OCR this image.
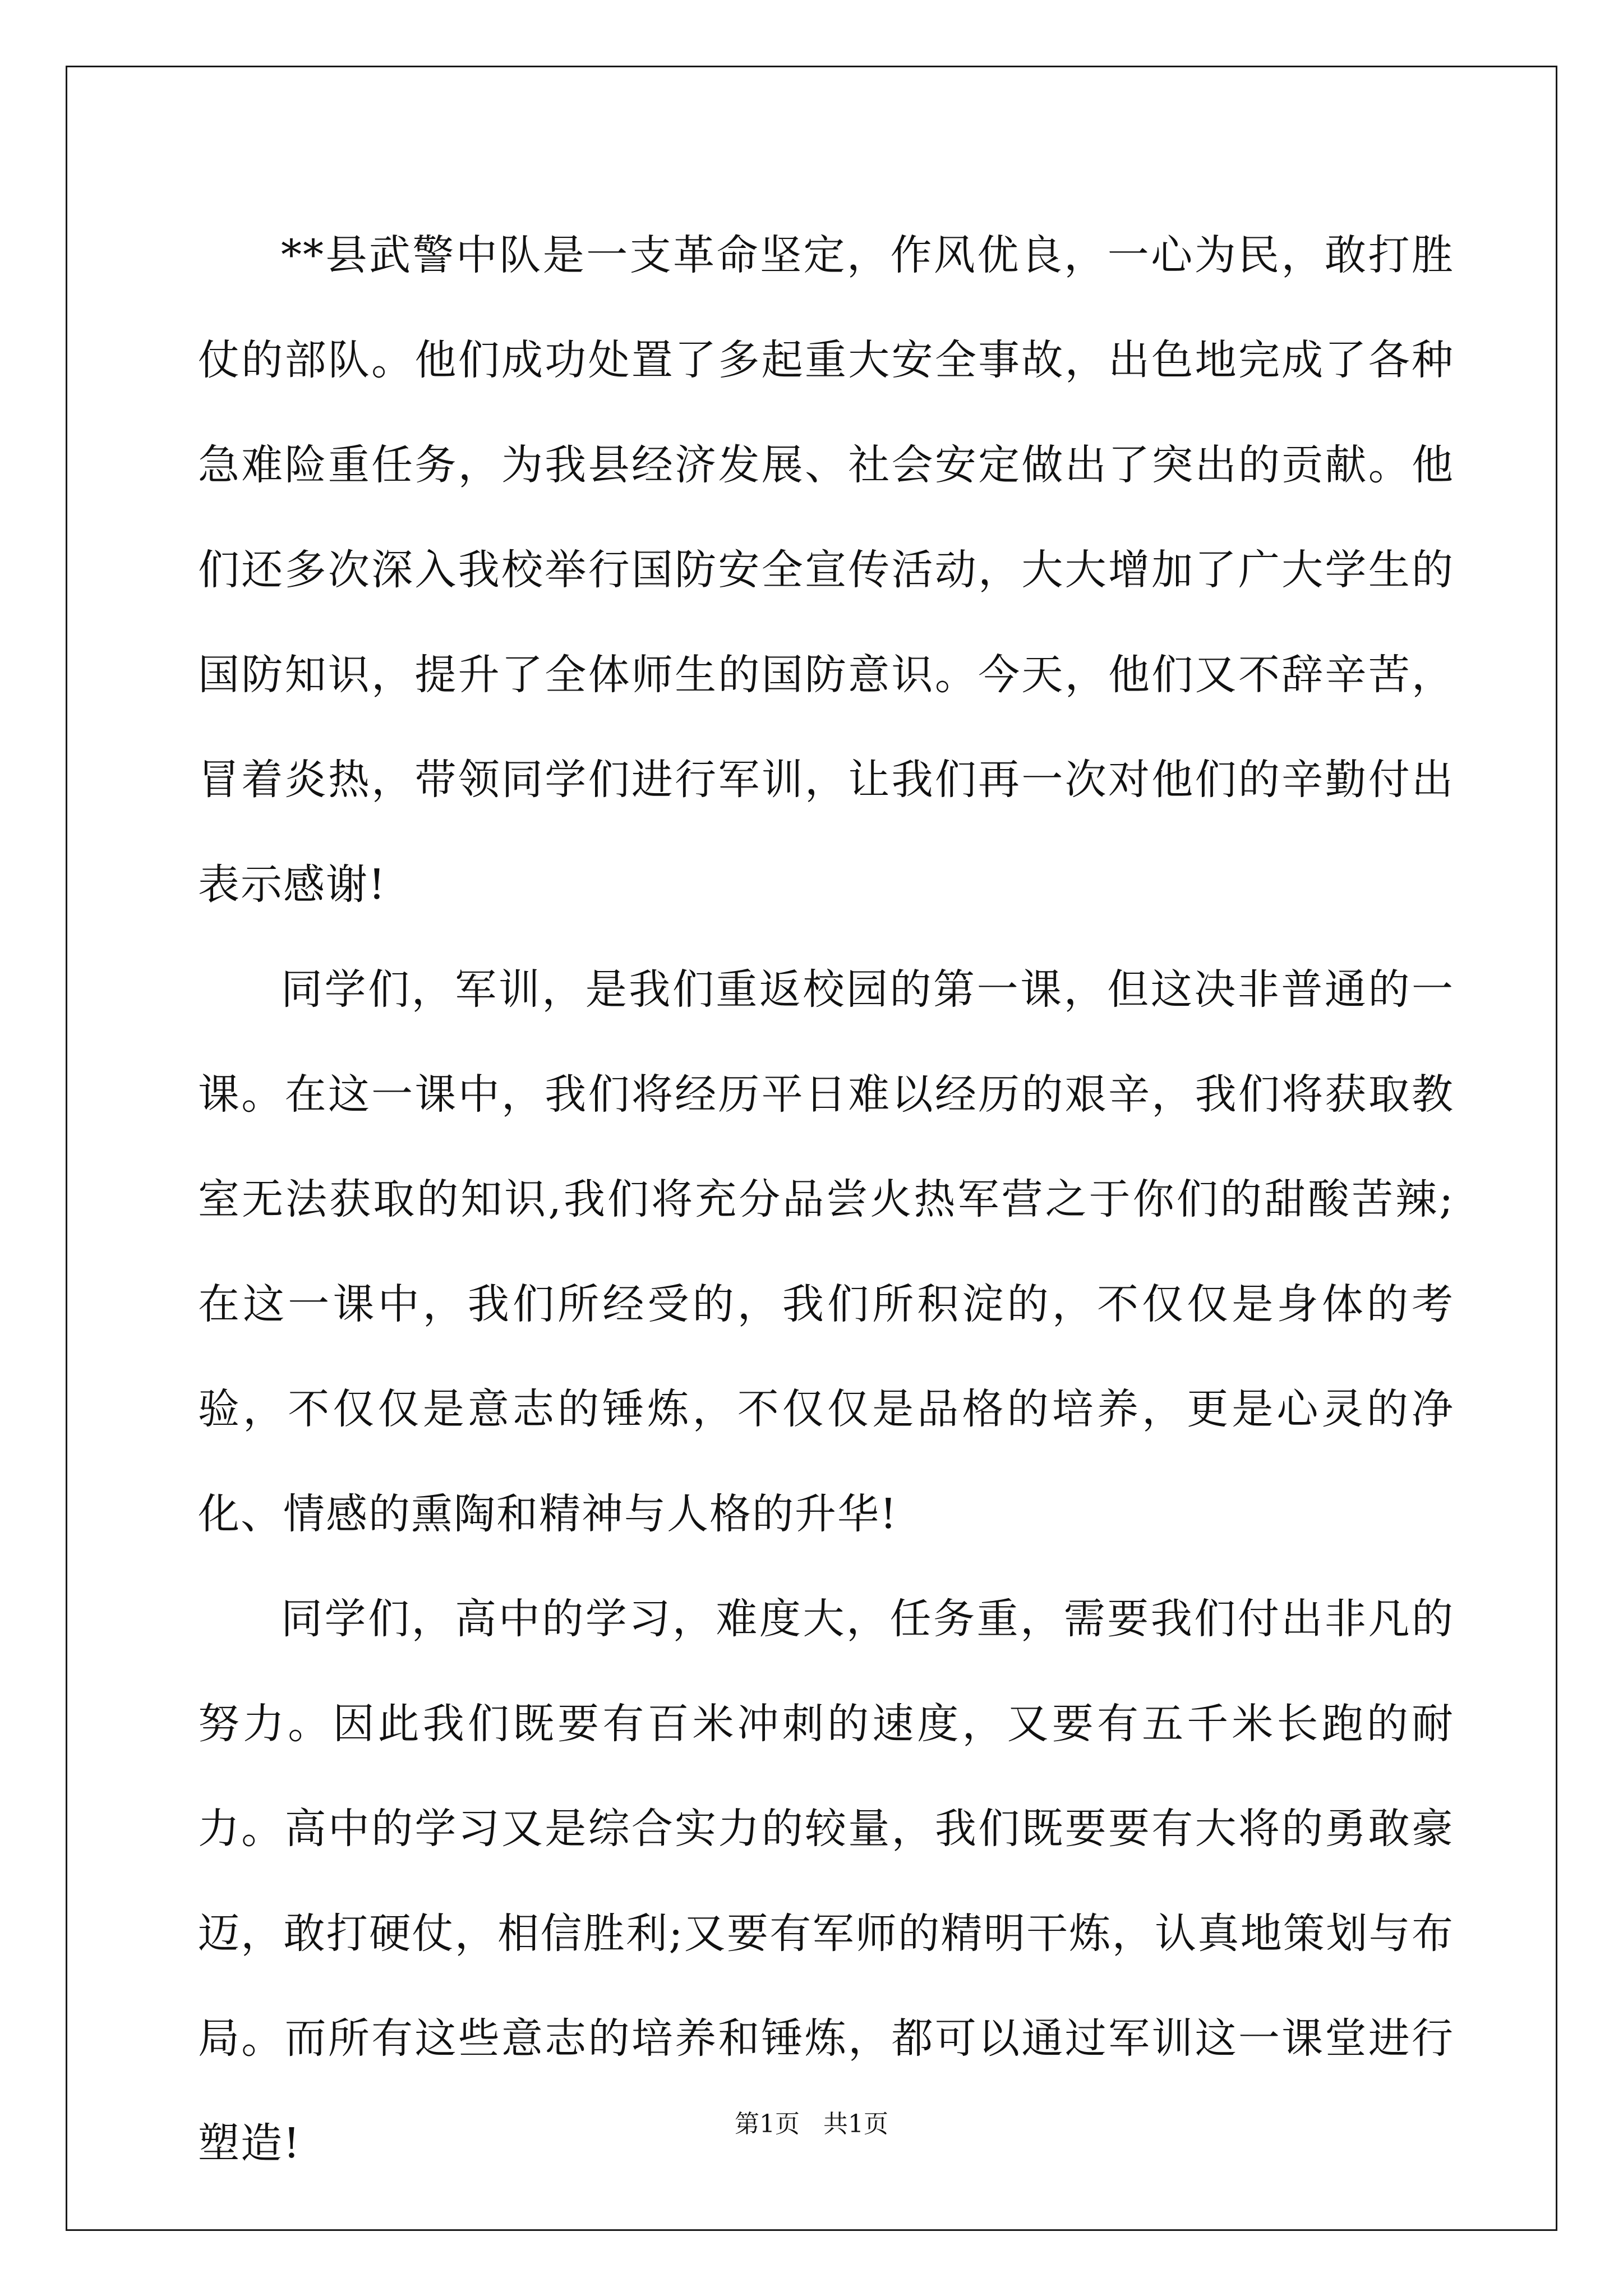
**县武警中队是一支革命坚定，作风优良，一心为民，敢打胜仗的部队。他们成功处置了多起重大安全事故，出色地完成了各种急难险重任务，为我县经济发展、社会安定做出了突出的贡献。他们还多次深入我校举行国防安全宣传活动，大大增加了广大学生的国防知识，提升了全体师生的国防意识。今天，他们又不辞辛苦，冒着炎热，带领同学们进行军训，让我们再一次对他们的辛勤付出表示感谢!

同学们，军训，是我们重返校园的第一课，但这决非普通的一课。在这一课中，我们将经历平日难以经历的艰辛，我们将获取教室无法获取的知识,我们将充分品尝火热军营之于你们的甜酸苦辣;在这一课中，我们所经受的，我们所积淀的，不仅仅是身体的考验，不仅仅是意志的锤炼，不仅仅是品格的培养，更是心灵的净化、情感的熏陶和精神与人格的升华!

同学们，高中的学习，难度大，任务重，需要我们付出非凡的努力。因此我们既要有百米冲刺的速度，又要有五千米长跑的耐力。高中的学习又是综合实力的较量，我们既要要有大将的勇敢豪迈，敢打硬仗，相信胜利;又要有军师的精明干炼，认真地策划与布局。而所有这些意志的培养和锤炼，都可以通过军训这一课堂进行塑造!	第1页 共1页
